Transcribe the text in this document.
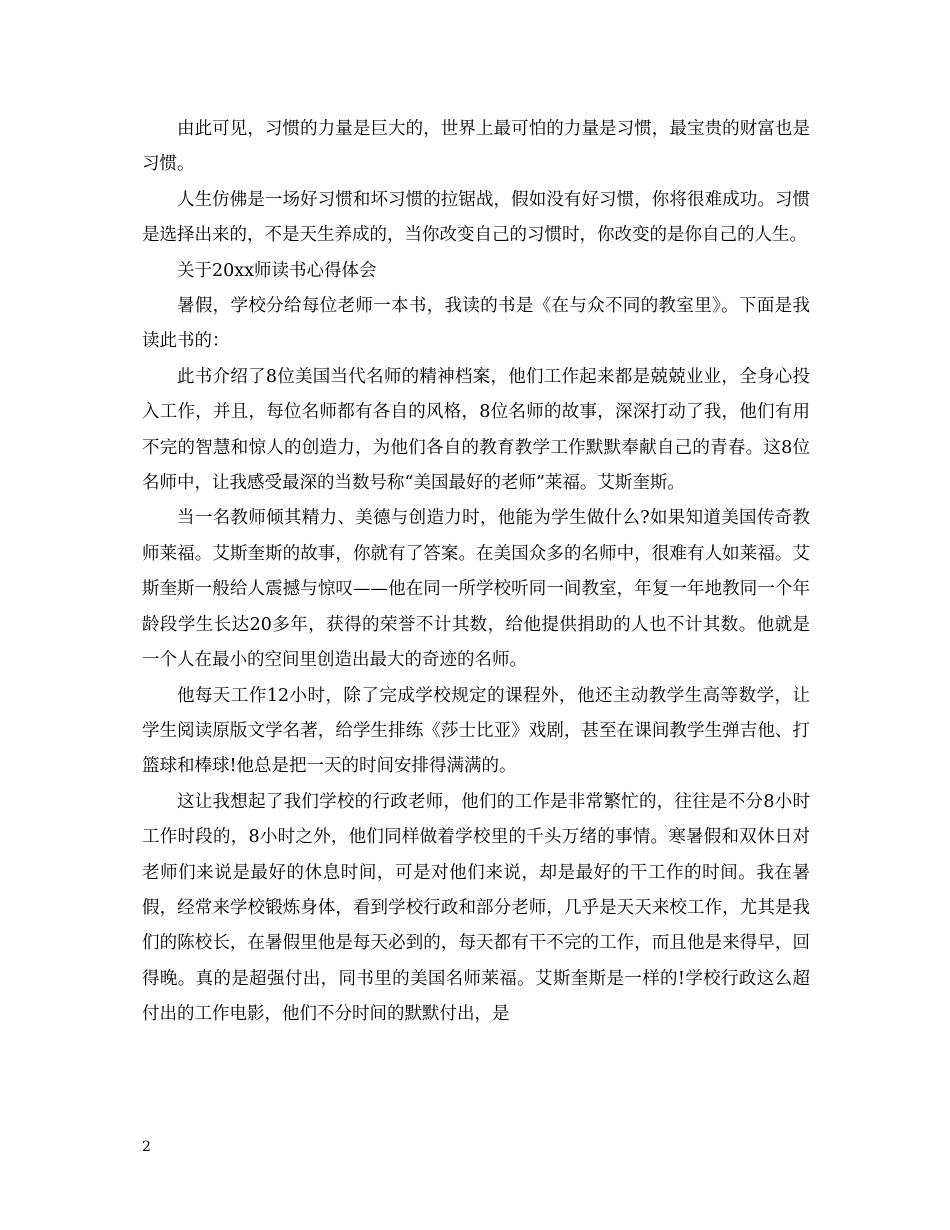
由此可见，习惯的力量是巨大的，世界上最可怕的力量是习惯，最宝贵的财富也是习惯。

人生仿佛是一场好习惯和坏习惯的拉锯战，假如没有好习惯，你将很难成功。习惯是选择出来的，不是天生养成的，当你改变自己的习惯时，你改变的是你自己的人生。

关于20xx师读书心得体会

暑假，学校分给每位老师一本书，我读的书是《在与众不同的教室里》。下面是我读此书的：

此书介绍了8位美国当代名师的精神档案，他们工作起来都是兢兢业业，全身心投入工作，并且，每位名师都有各自的风格，8位名师的故事，深深打动了我，他们有用不完的智慧和惊人的创造力，为他们各自的教育教学工作默默奉献自己的青春。这8位名师中，让我感受最深的当数号称“美国最好的老师”莱福。艾斯奎斯。

当一名教师倾其精力、美德与创造力时，他能为学生做什么?如果知道美国传奇教师莱福。艾斯奎斯的故事，你就有了答案。在美国众多的名师中，很难有人如莱福。艾斯奎斯一般给人震撼与惊叹——他在同一所学校听同一间教室，年复一年地教同一个年龄段学生长达20多年，获得的荣誉不计其数，给他提供捐助的人也不计其数。他就是一个人在最小的空间里创造出最大的奇迹的名师。

他每天工作12小时，除了完成学校规定的课程外，他还主动教学生高等数学，让学生阅读原版文学名著，给学生排练《莎士比亚》戏剧，甚至在课间教学生弹吉他、打篮球和棒球!他总是把一天的时间安排得满满的。

这让我想起了我们学校的行政老师，他们的工作是非常繁忙的，往往是不分8小时工作时段的，8小时之外，他们同样做着学校里的千头万绪的事情。寒暑假和双休日对老师们来说是最好的休息时间，可是对他们来说，却是最好的干工作的时间。我在暑假，经常来学校锻炼身体，看到学校行政和部分老师，几乎是天天来校工作，尤其是我们的陈校长，在暑假里他是每天必到的，每天都有干不完的工作，而且他是来得早，回得晚。真的是超强付出，同书里的美国名师莱福。艾斯奎斯是一样的!学校行政这么超付出的工作电影，他们不分时间的默默付出，是

2
